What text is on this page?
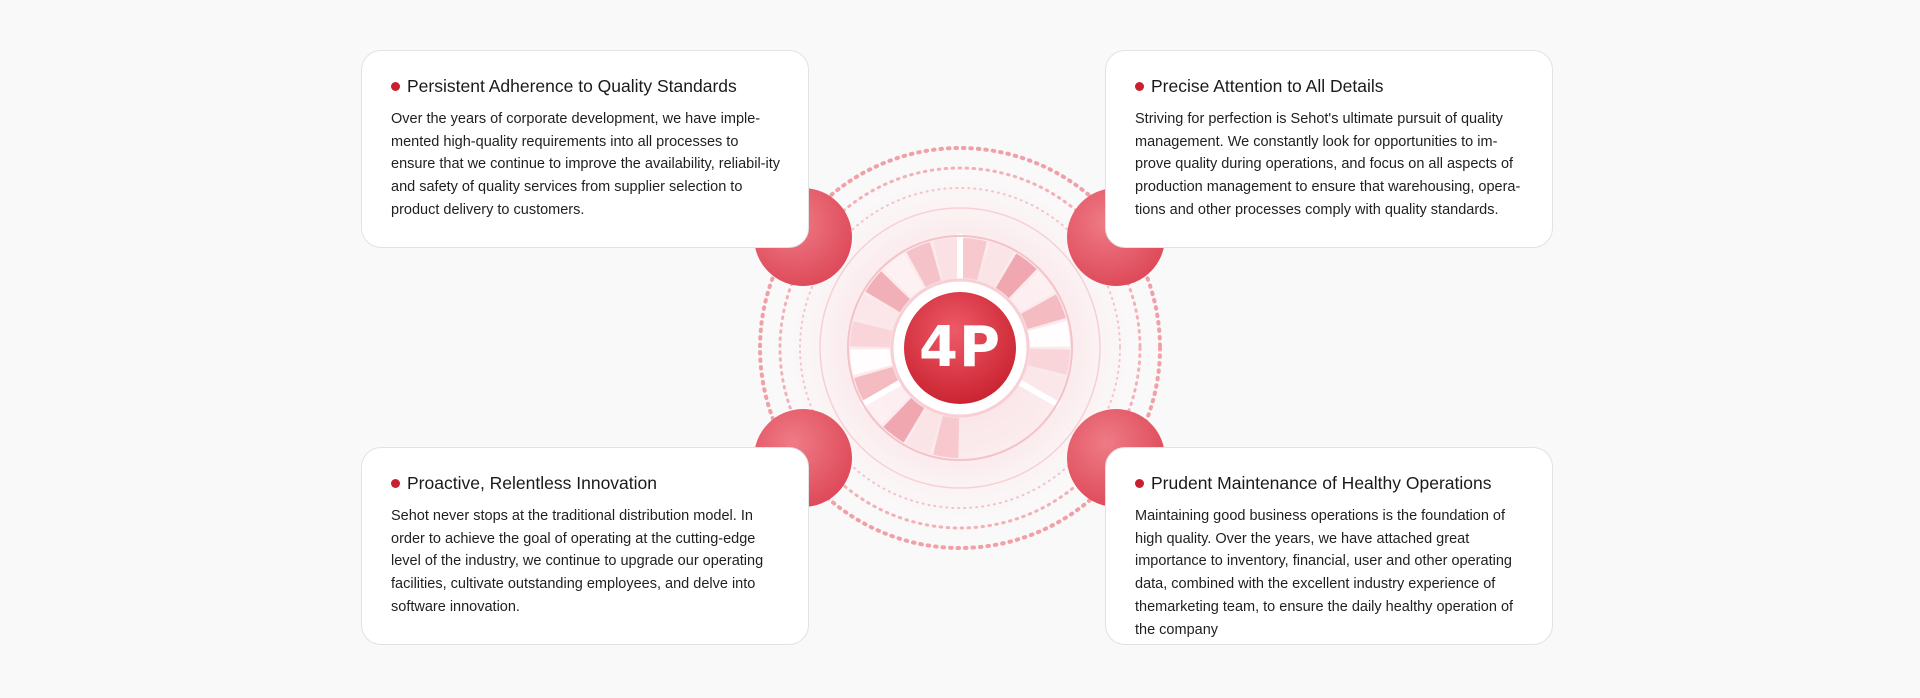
4P
Persistent Adherence to Quality Standards

Over the years of corporate development, we have imple-mented high-quality requirements into all processes to ensure that we continue to improve the availability, reliabil-ity and safety of quality services from supplier selection to product delivery to customers.

Precise Attention to All Details

Striving for perfection is Sehot's ultimate pursuit of quality management. We constantly look for opportunities to im-prove quality during operations, and focus on all aspects of production management to ensure that warehousing, opera-tions and other processes comply with quality standards.

Proactive, Relentless Innovation

Sehot never stops at the traditional distribution model. In order to achieve the goal of operating at the cutting-edge level of the industry, we continue to upgrade our operating facilities, cultivate outstanding employees, and delve into software innovation.

Prudent Maintenance of Healthy Operations

Maintaining good business operations is the foundation of high quality. Over the years, we have attached great importance to inventory, financial, user and other operating data, combined with the excellent industry experience of themarketing team, to ensure the daily healthy operation of the company
